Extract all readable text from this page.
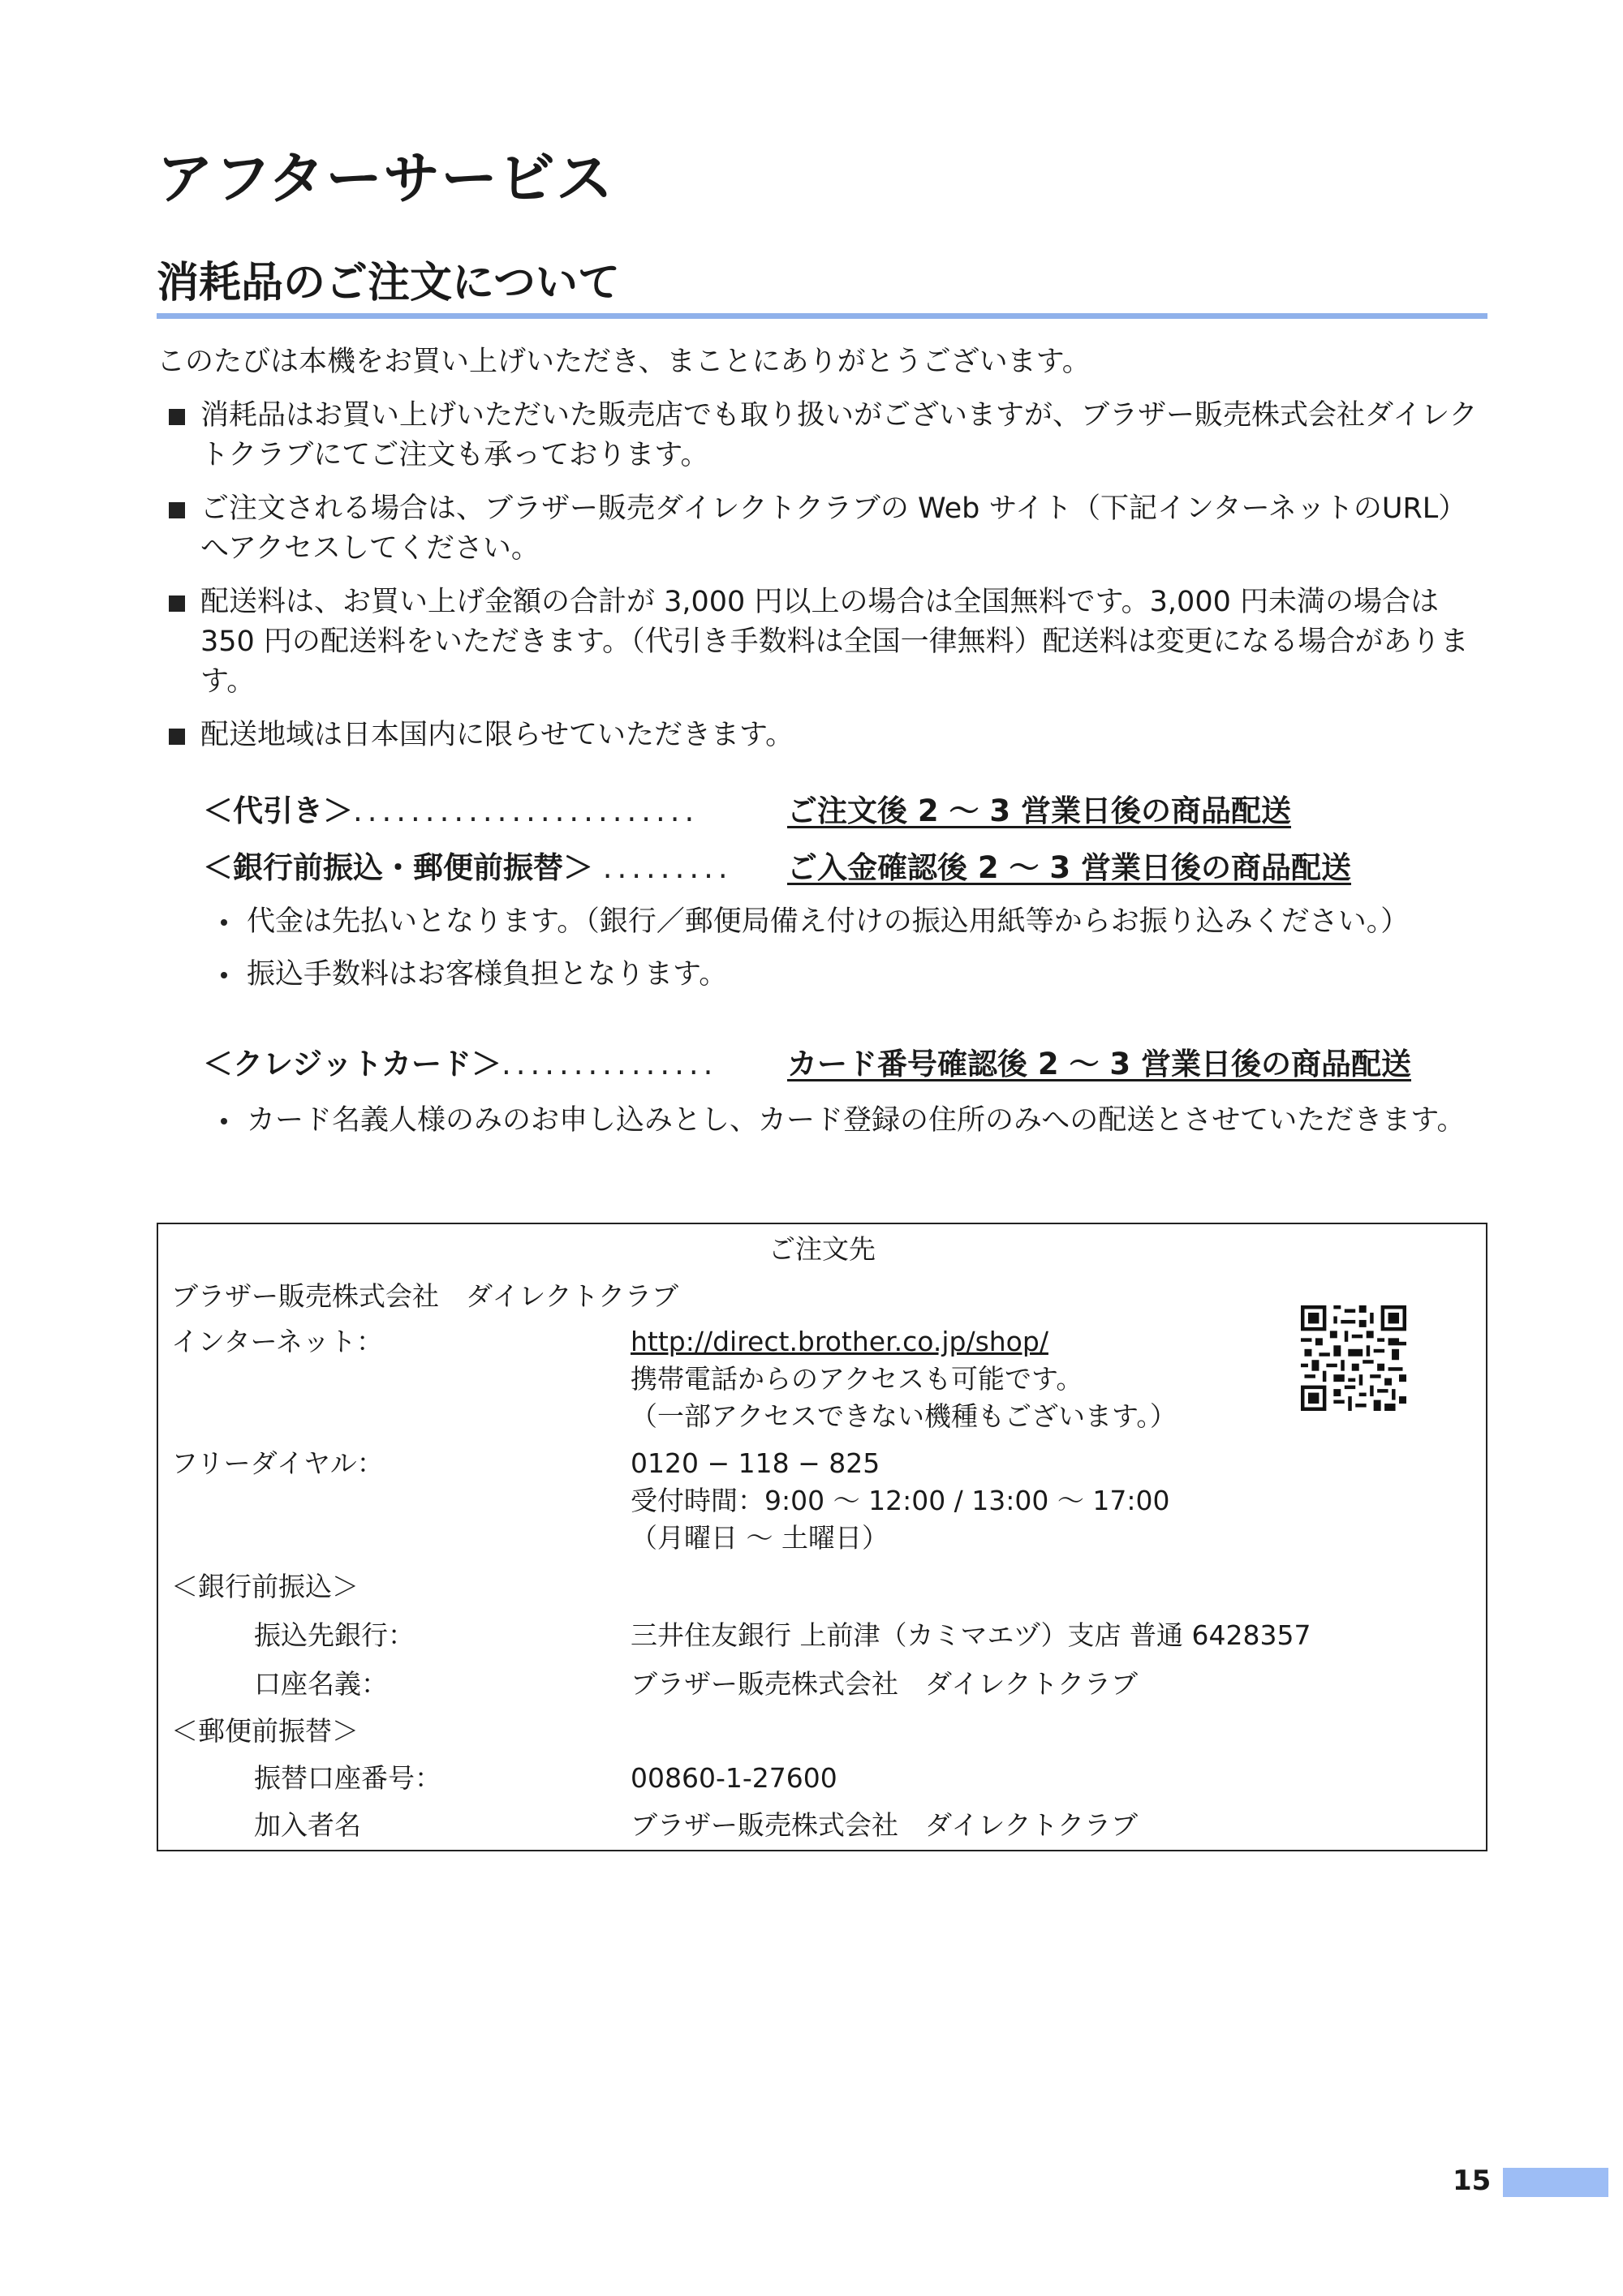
アフターサービス
消耗品のご注文について
このたびは本機をお買い上げいただき、まことにありがとうございます。
消耗品はお買い上げいただいた販売店でも取り扱いがございますが、ブラザー販売株式会社ダイレクトクラブにてご注文も承っております。
ご注文される場合は、ブラザー販売ダイレクトクラブの Web サイト（下記インターネットのURL）へアクセスしてください。
配送料は、お買い上げ金額の合計が 3,000 円以上の場合は全国無料です。3,000 円未満の場合は 350 円の配送料をいただきます。（代引き手数料は全国一律無料）配送料は変更になる場合があります。
配送地域は日本国内に限らせていただきます。
＜代引き＞........................	ご注文後 2 〜 3 営業日後の商品配送
＜銀行前振込・郵便前振替＞ ......... ご入金確認後 2 〜 3 営業日後の商品配送
代金は先払いとなります。（銀行／郵便局備え付けの振込用紙等からお振り込みください。）
振込手数料はお客様負担となります。
＜クレジットカード＞............... カード番号確認後 2 〜 3 営業日後の商品配送
カード名義人様のみのお申し込みとし、カード登録の住所のみへの配送とさせていただきます。
ご注文先
ブラザー販売株式会社　ダイレクトクラブ
インターネット：	http://direct.brother.co.jp/shop/
携帯電話からのアクセスも可能です。
（一部アクセスできない機種もございます。）
フリーダイヤル：	0120 − 118 − 825
受付時間：9:00 〜 12:00 / 13:00 〜 17:00
（月曜日 〜 土曜日）
＜銀行前振込＞
振込先銀行：	三井住友銀行 上前津（カミマエヅ）支店 普通 6428357
口座名義：	ブラザー販売株式会社　ダイレクトクラブ
＜郵便前振替＞
振替口座番号：	00860-1-27600
加入者名	ブラザー販売株式会社　ダイレクトクラブ
15
